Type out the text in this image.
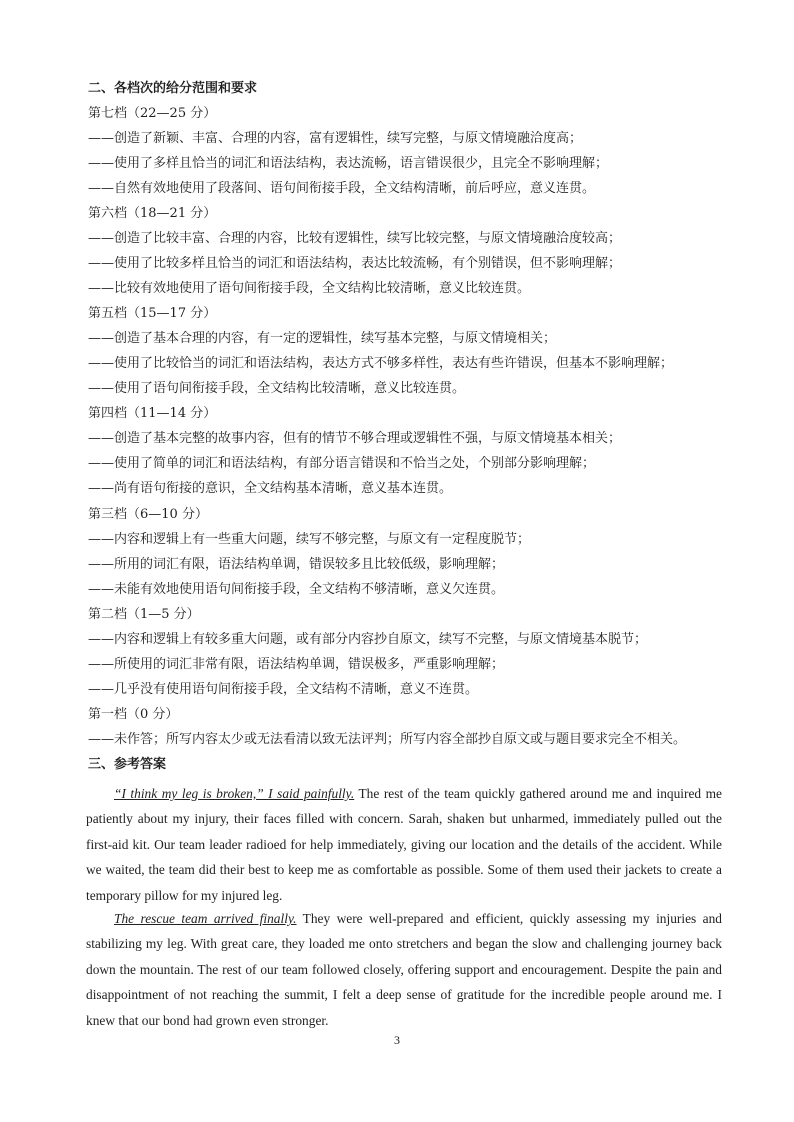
二、各档次的给分范围和要求
第七档（22—25 分）
——创造了新颖、丰富、合理的内容，富有逻辑性，续写完整，与原文情境融洽度高；
——使用了多样且恰当的词汇和语法结构，表达流畅，语言错误很少，且完全不影响理解；
——自然有效地使用了段落间、语句间衔接手段，全文结构清晰，前后呼应，意义连贯。
第六档（18—21 分）
——创造了比较丰富、合理的内容，比较有逻辑性，续写比较完整，与原文情境融洽度较高；
——使用了比较多样且恰当的词汇和语法结构，表达比较流畅，有个别错误，但不影响理解；
——比较有效地使用了语句间衔接手段，全文结构比较清晰，意义比较连贯。
第五档（15—17 分）
——创造了基本合理的内容，有一定的逻辑性，续写基本完整，与原文情境相关；
——使用了比较恰当的词汇和语法结构，表达方式不够多样性，表达有些许错误，但基本不影响理解；
——使用了语句间衔接手段，全文结构比较清晰，意义比较连贯。
第四档（11—14 分）
——创造了基本完整的故事内容，但有的情节不够合理或逻辑性不强，与原文情境基本相关；
——使用了简单的词汇和语法结构，有部分语言错误和不恰当之处，个别部分影响理解；
——尚有语句衔接的意识，全文结构基本清晰，意义基本连贯。
第三档（6—10 分）
——内容和逻辑上有一些重大问题，续写不够完整，与原文有一定程度脱节；
——所用的词汇有限，语法结构单调，错误较多且比较低级，影响理解；
——未能有效地使用语句间衔接手段，全文结构不够清晰，意义欠连贯。
第二档（1—5 分）
——内容和逻辑上有较多重大问题，或有部分内容抄自原文，续写不完整，与原文情境基本脱节；
——所使用的词汇非常有限，语法结构单调，错误极多，严重影响理解；
——几乎没有使用语句间衔接手段，全文结构不清晰，意义不连贯。
第一档（0 分）
——未作答；所写内容太少或无法看清以致无法评判；所写内容全部抄自原文或与题目要求完全不相关。
三、参考答案
“I think my leg is broken,” I said painfully. The rest of the team quickly gathered around me and inquired me patiently about my injury, their faces filled with concern. Sarah, shaken but unharmed, immediately pulled out the first-aid kit. Our team leader radioed for help immediately, giving our location and the details of the accident. While we waited, the team did their best to keep me as comfortable as possible. Some of them used their jackets to create a temporary pillow for my injured leg.
The rescue team arrived finally. They were well-prepared and efficient, quickly assessing my injuries and stabilizing my leg. With great care, they loaded me onto stretchers and began the slow and challenging journey back down the mountain. The rest of our team followed closely, offering support and encouragement. Despite the pain and disappointment of not reaching the summit, I felt a deep sense of gratitude for the incredible people around me. I knew that our bond had grown even stronger.
3
